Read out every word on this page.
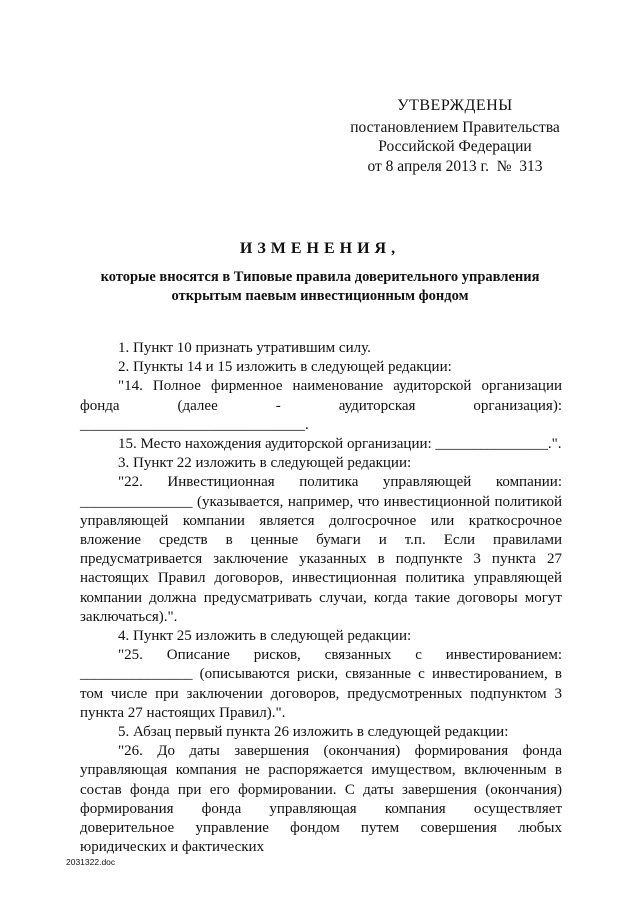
УТВЕРЖДЕНЫ
постановлением Правительства
Российской Федерации
от 8 апреля 2013 г.  №  313
ИЗМЕНЕНИЯ,
которые вносятся в Типовые правила доверительного управления
открытым паевым инвестиционным фондом

1. Пункт 10 признать утратившим силу.

2. Пункты 14 и 15 изложить в следующей редакции:

"14. Полное фирменное наименование аудиторской организации фонда (далее - аудиторская организация): ______________________________.

15. Место нахождения аудиторской организации: _______________.".

3. Пункт 22 изложить в следующей редакции:

"22. Инвестиционная политика управляющей компании: _______________ (указывается, например, что инвестиционной политикой управляющей компании является долгосрочное или краткосрочное вложение средств в ценные бумаги и т.п. Если правилами предусматривается заключение указанных в подпункте 3 пункта 27 настоящих Правил договоров, инвестиционная политика управляющей компании должна предусматривать случаи, когда такие договоры могут заключаться).".

4. Пункт 25 изложить в следующей редакции:

"25. Описание рисков, связанных с инвестированием: _______________ (описываются риски, связанные с инвестированием, в том числе при заключении договоров, предусмотренных подпунктом 3 пункта 27 настоящих Правил).".

5. Абзац первый пункта 26 изложить в следующей редакции:

"26. До даты завершения (окончания) формирования фонда управляющая компания не распоряжается имуществом, включенным в состав фонда при его формировании. С даты завершения (окончания) формирования фонда управляющая компания осуществляет доверительное управление фондом путем совершения любых юридических и фактических

2031322.doc
